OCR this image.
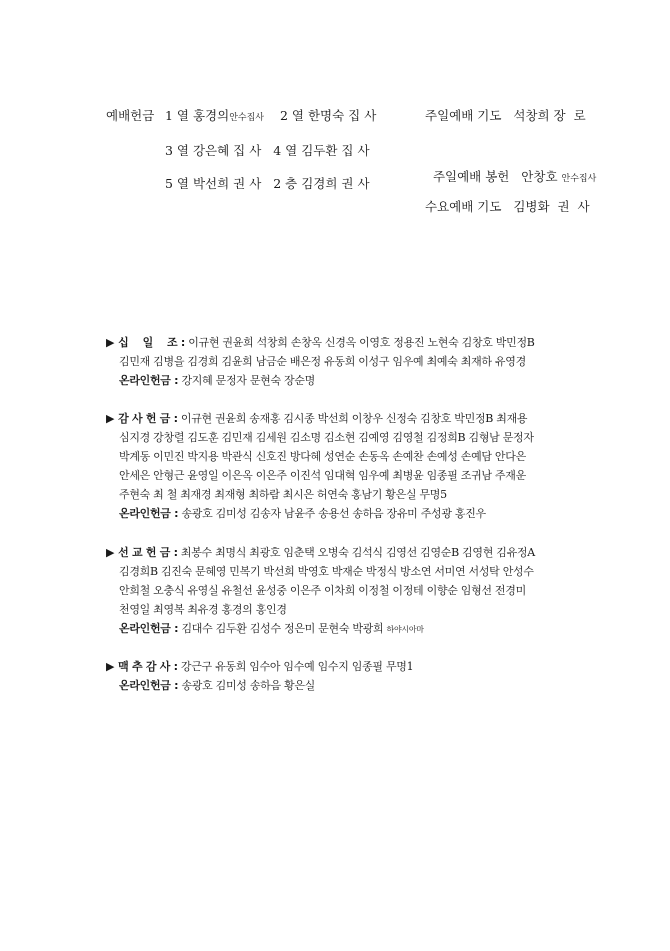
예배헌금 1 열 홍경의안수집사 2 열 한명숙 집 사
3 열 강은혜 집 사   4 열 김두환 집 사
5 열 박선희 권 사   2 층 김경희 권 사
주일예배 기도   석창희 장  로

주일예배 봉헌   안창호 안수집사

수요예배 기도   김병화  권  사
▶ 십    일    조 : 이규현 권윤희 석창희 손창옥 신경옥 이영호 정용진 노현숙 김창호 박민정B
김민재 김병을 김경희 김윤희 남금순 배은정 유동희 이성구 임우예 최예숙 최재하 유영경
온라인헌금 : 강지혜 문정자 문현숙 장순명
▶ 감 사 헌 금 : 이규현 권윤희 송재홍 김시종 박선희 이창우 신정숙 김창호 박민정B 최재용
심지경 강창렬 김도훈 김민재 김세원 김소명 김소현 김예영 김영철 김정희B 김형남 문정자
박계동 이민진 박지용 박관식 신호진 방다혜 성연순 손동옥 손예찬 손예성 손예담 안다은
안세은 안형근 윤영일 이은옥 이은주 이진석 임대혁 임우예 최병윤 임종필 조귀남 주재운
주현숙 최 철 최재경 최재형 최하람 최시은 허연숙 홍남기 황은실 무명5
온라인헌금 : 송광호 김미성 김송자 남윤주 송용선 송하음 장유미 주성광 홍진우
▶ 선 교 헌 금 : 최봉수 최명식 최광호 임춘택 오병숙 김석식 김영선 김영순B 김영현 김유정A
김경희B 김진숙 문혜영 민복기 박선희 박영호 박재순 박정식 방소연 서미연 서성탁 안성수
안희철 오충식 유영실 유철선 윤성중 이은주 이차희 이정철 이정테 이향순 임형선 전경미
천영일 최영복 최유경 홍경의 홍인경
온라인헌금 : 김대수 김두환 김성수 정은미 문현숙 박광희 하야시아마
▶ 맥 추 감 사 : 강근구 유동희 임수아 임수예 임수지 임종필 무명1
온라인헌금 : 송광호 김미성 송하음 황은실
